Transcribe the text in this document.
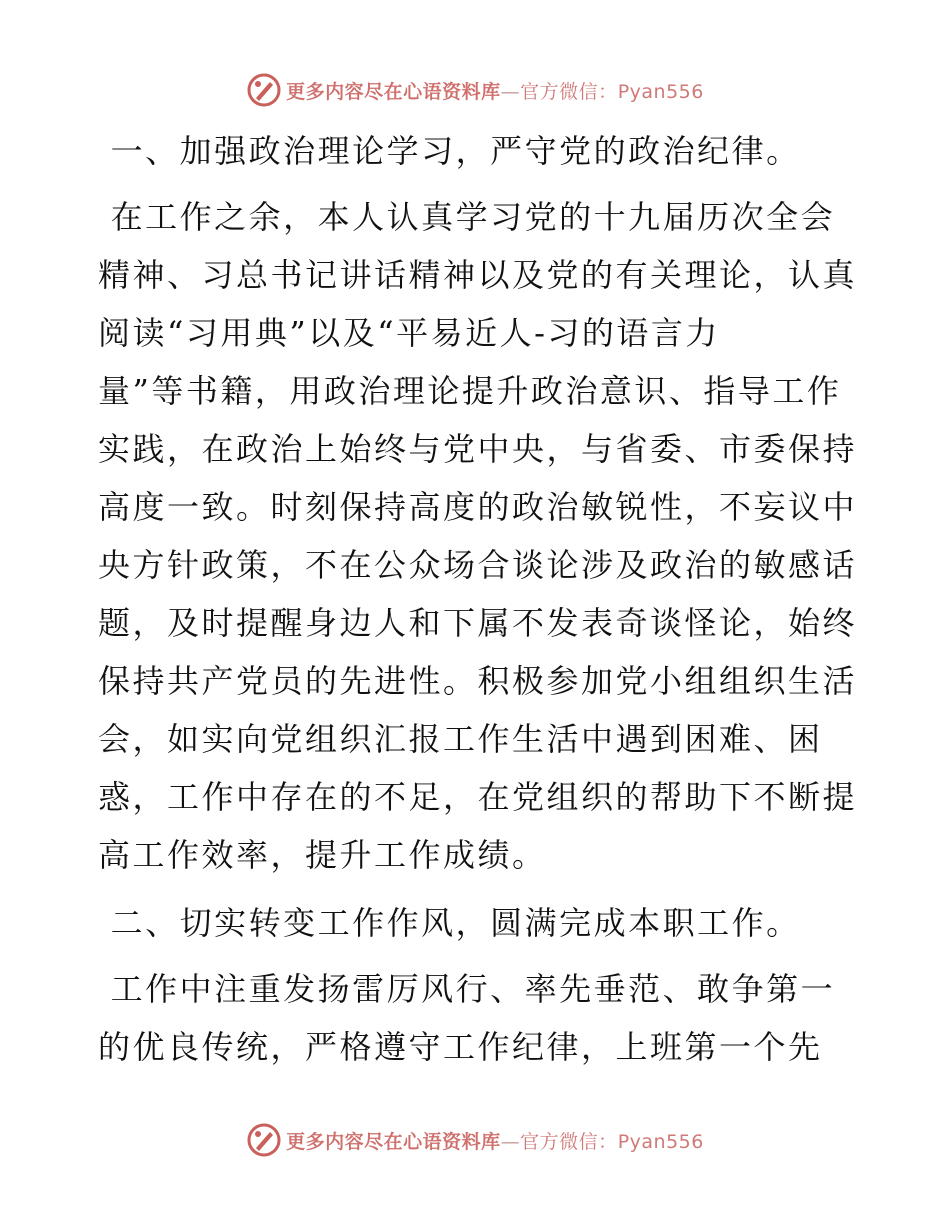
更多内容尽在心语资料库—官方微信：Pyan556

一、加强政治理论学习，严守党的政治纪律。

在工作之余，本人认真学习党的十九届历次全会

精神、习总书记讲话精神以及党的有关理论，认真

阅读“习用典”以及“平易近人-习的语言力

量”等书籍，用政治理论提升政治意识、指导工作

实践，在政治上始终与党中央，与省委、市委保持

高度一致。时刻保持高度的政治敏锐性，不妄议中

央方针政策，不在公众场合谈论涉及政治的敏感话

题，及时提醒身边人和下属不发表奇谈怪论，始终

保持共产党员的先进性。积极参加党小组组织生活

会，如实向党组织汇报工作生活中遇到困难、困

惑，工作中存在的不足，在党组织的帮助下不断提

高工作效率，提升工作成绩。

二、切实转变工作作风，圆满完成本职工作。

工作中注重发扬雷厉风行、率先垂范、敢争第一

的优良传统，严格遵守工作纪律，上班第一个先

更多内容尽在心语资料库—官方微信：Pyan556
